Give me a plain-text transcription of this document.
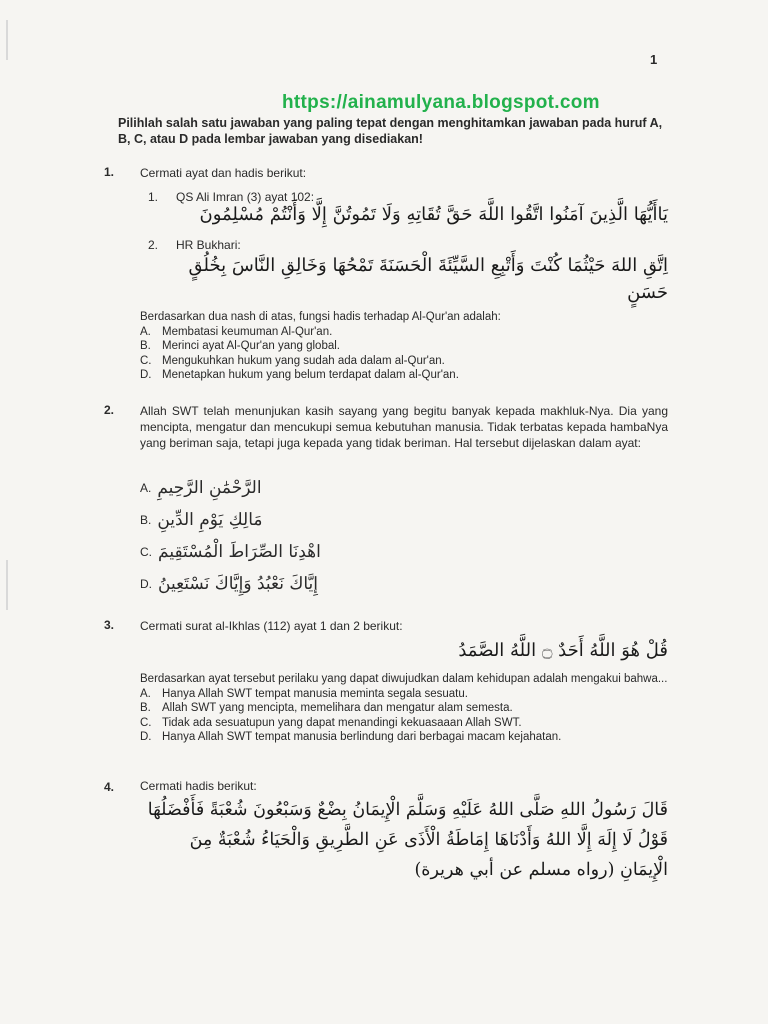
1
https://ainamulyana.blogspot.com
Pilihlah salah satu jawaban yang paling tepat dengan menghitamkan jawaban pada huruf A, B, C, atau D pada lembar jawaban yang disediakan!
1. Cermati ayat dan hadis berikut:
1. QS Ali Imran (3) ayat 102:
يَاأَيُّهَا الَّذِينَ آمَنُوا اتَّقُوا اللَّهَ حَقَّ تُقَاتِهِ وَلَا تَمُوتُنَّ إِلَّا وَأَنْتُمْ مُسْلِمُونَ
2. HR Bukhari:
اِتَّقِ اللهَ حَيْثُمَا كُنْتَ وَأَتْبِعِ السَّيِّئَةَ الْحَسَنَةَ تَمْحُهَا وَخَالِقِ النَّاسَ بِخُلُقٍ
حَسَنٍ
Berdasarkan dua nash di atas, fungsi hadis terhadap Al-Qur'an adalah:
A. Membatasi keumuman Al-Qur'an.
B. Merinci ayat Al-Qur'an yang global.
C. Mengukuhkan hukum yang sudah ada dalam al-Qur'an.
D. Menetapkan hukum yang belum terdapat dalam al-Qur'an.
2. Allah SWT telah menunjukan kasih sayang yang begitu banyak kepada makhluk-Nya. Dia yang mencipta, mengatur dan mencukupi semua kebutuhan manusia. Tidak terbatas kepada hambaNya yang beriman saja, tetapi juga kepada yang tidak beriman. Hal tersebut dijelaskan dalam ayat:
A. الرَّحْمَٰنِ الرَّحِيمِ
B. مَالِكِ يَوْمِ الدِّينِ
C. اهْدِنَا الصِّرَاطَ الْمُسْتَقِيمَ
D. إِيَّاكَ نَعْبُدُ وَإِيَّاكَ نَسْتَعِينُ
3. Cermati surat al-Ikhlas (112) ayat 1 dan 2 berikut:
قُلْ هُوَ اللَّهُ أَحَدٌ ۝ اللَّهُ الصَّمَدُ
Berdasarkan ayat tersebut perilaku yang dapat diwujudkan dalam kehidupan adalah mengakui bahwa...
A. Hanya Allah SWT tempat manusia meminta segala sesuatu.
B. Allah SWT yang mencipta, memelihara dan mengatur alam semesta.
C. Tidak ada sesuatupun yang dapat menandingi kekuasaaan Allah SWT.
D. Hanya Allah SWT tempat manusia berlindung dari berbagai macam kejahatan.
4. Cermati hadis berikut:
قَالَ رَسُولُ اللهِ صَلَّى اللهُ عَلَيْهِ وَسَلَّمَ الْإِيمَانُ بِضْعٌ وَسَبْعُونَ شُعْبَةً فَأَفْضَلُهَا
قَوْلُ لَا إِلَهَ إِلَّا اللهُ وَأَدْنَاهَا إِمَاطَةُ الْأَذَى عَنِ الطَّرِيقِ وَالْحَيَاءُ شُعْبَةٌ مِنَ
الْإِيمَانِ (رواه مسلم عن أبي هريرة)
